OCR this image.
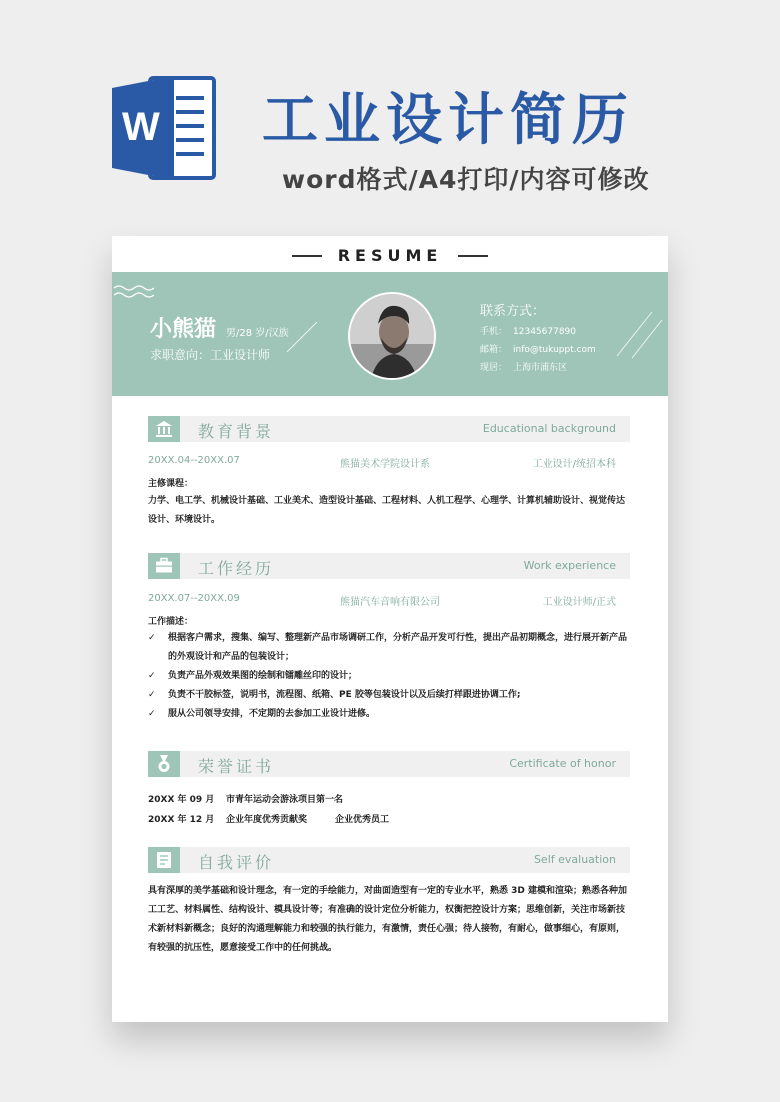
W 工业设计简历
word格式/A4打印/内容可修改
RESUME
小熊猫 男/28 岁/汉族
求职意向：工业设计师
联系方式：
手机： 12345677890
邮箱： info@tukuppt.com
现居： 上海市浦东区
教育背景	Educational background
20XX.04--20XX.07	熊猫美术学院设计系	工业设计/统招本科
主修课程：
力学、电工学、机械设计基础、工业美术、造型设计基础、工程材料、人机工程学、心理学、计算机辅助设计、视觉传达设计、环境设计。
工作经历	Work experience
20XX.07--20XX.09	熊猫汽车音响有限公司	工业设计师/正式
工作描述：
✓ 根据客户需求，搜集、编写、整理新产品市场调研工作，分析产品开发可行性，提出产品初期概念，进行展开新产品的外观设计和产品的包装设计；
✓ 负责产品外观效果图的绘制和镭雕丝印的设计；
✓ 负责不干胶标签，说明书，流程图、纸箱、PE 胶等包装设计以及后续打样跟进协调工作;
✓ 服从公司领导安排，不定期的去参加工业设计进修。
荣誉证书	Certificate of honor
20XX 年 09 月 市青年运动会游泳项目第一名
20XX 年 12 月 企业年度优秀贡献奖	企业优秀员工
自我评价	Self evaluation
具有深厚的美学基础和设计理念，有一定的手绘能力，对曲面造型有一定的专业水平，熟悉 3D 建模和渲染；熟悉各种加工工艺、材料属性、结构设计、模具设计等；有准确的设计定位分析能力，权衡把控设计方案；思维创新，关注市场新技术新材料新概念；良好的沟通理解能力和较强的执行能力，有激情，责任心强；待人接物，有耐心，做事细心，有原则，有较强的抗压性，愿意接受工作中的任何挑战。
